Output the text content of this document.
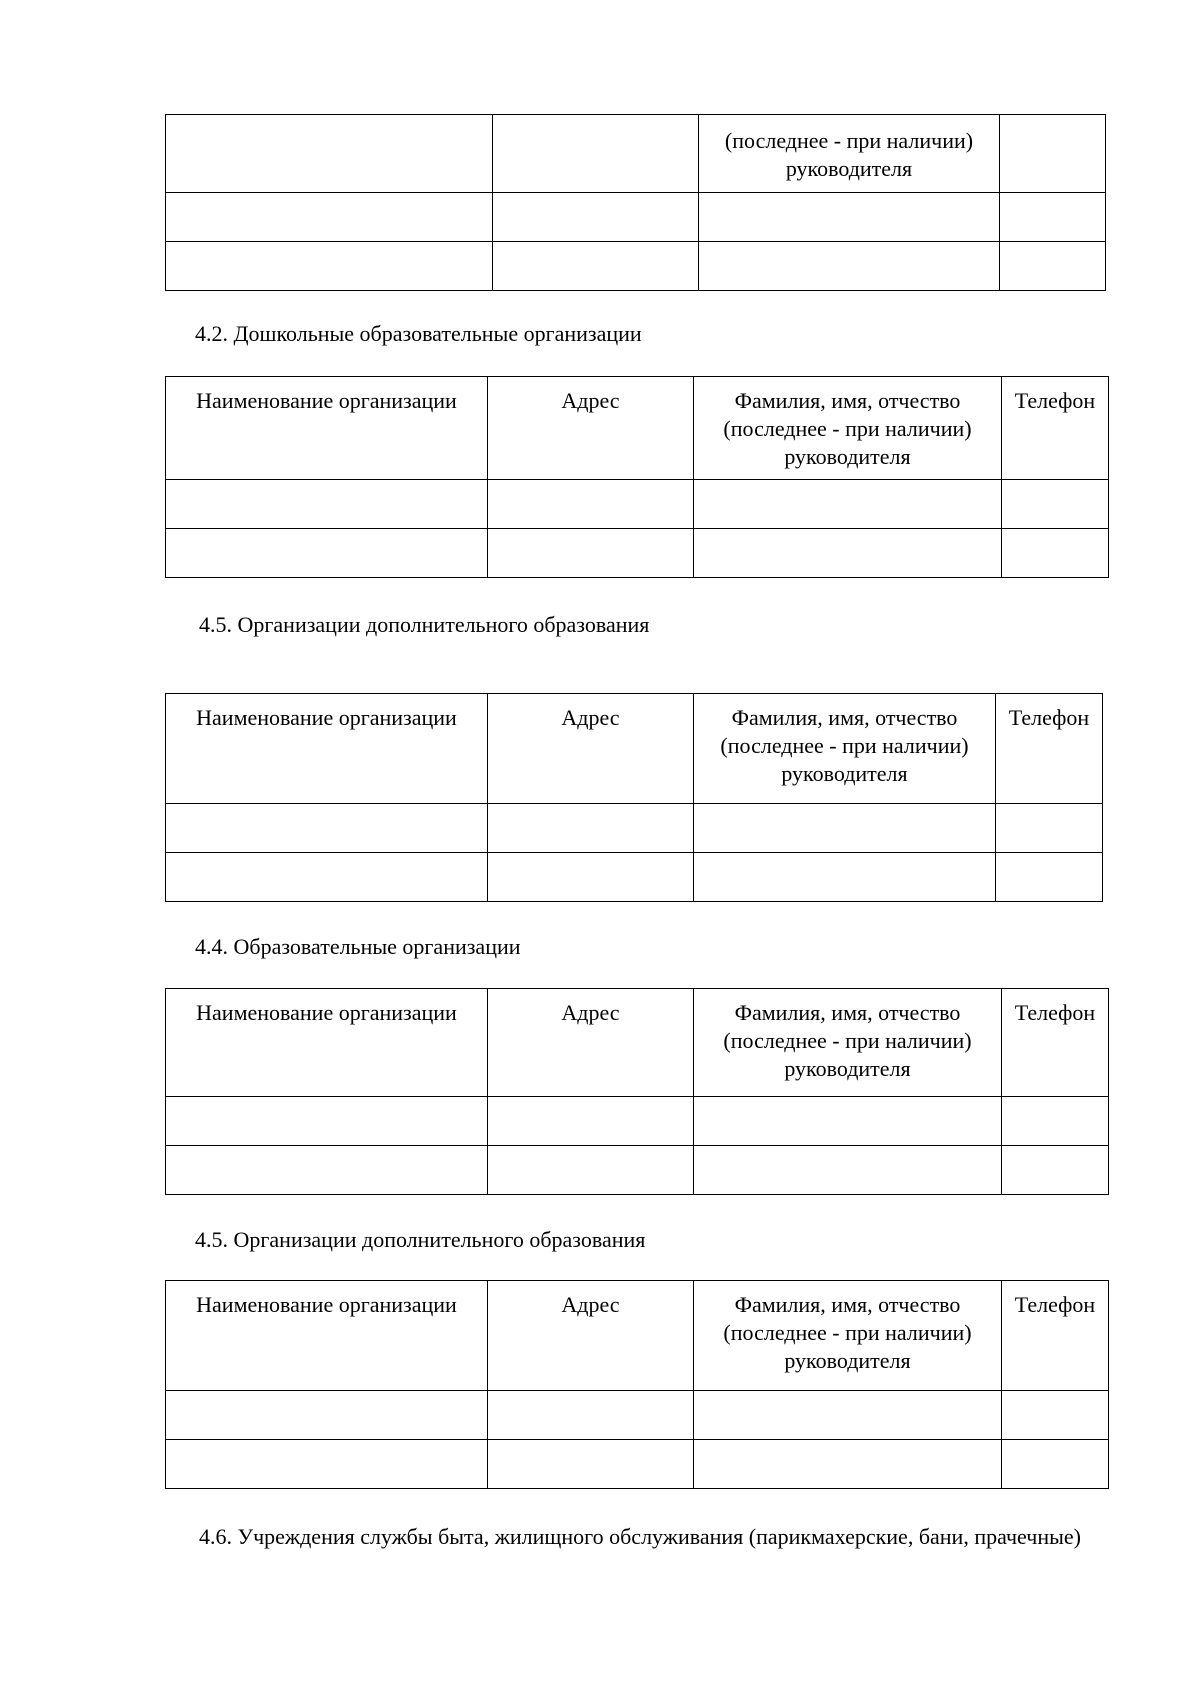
		(последнее - при наличии) руководителя	

4.2. Дошкольные образовательные организации
Наименование организации	Адрес	Фамилия, имя, отчество (последнее - при наличии) руководителя	Телефон

4.5. Организации дополнительного образования
Наименование организации	Адрес	Фамилия, имя, отчество (последнее - при наличии) руководителя	Телефон

4.4. Образовательные организации
Наименование организации	Адрес	Фамилия, имя, отчество (последнее - при наличии) руководителя	Телефон

4.5. Организации дополнительного образования
Наименование организации	Адрес	Фамилия, имя, отчество (последнее - при наличии) руководителя	Телефон

4.6. Учреждения службы быта, жилищного обслуживания (парикмахерские, бани, прачечные)
